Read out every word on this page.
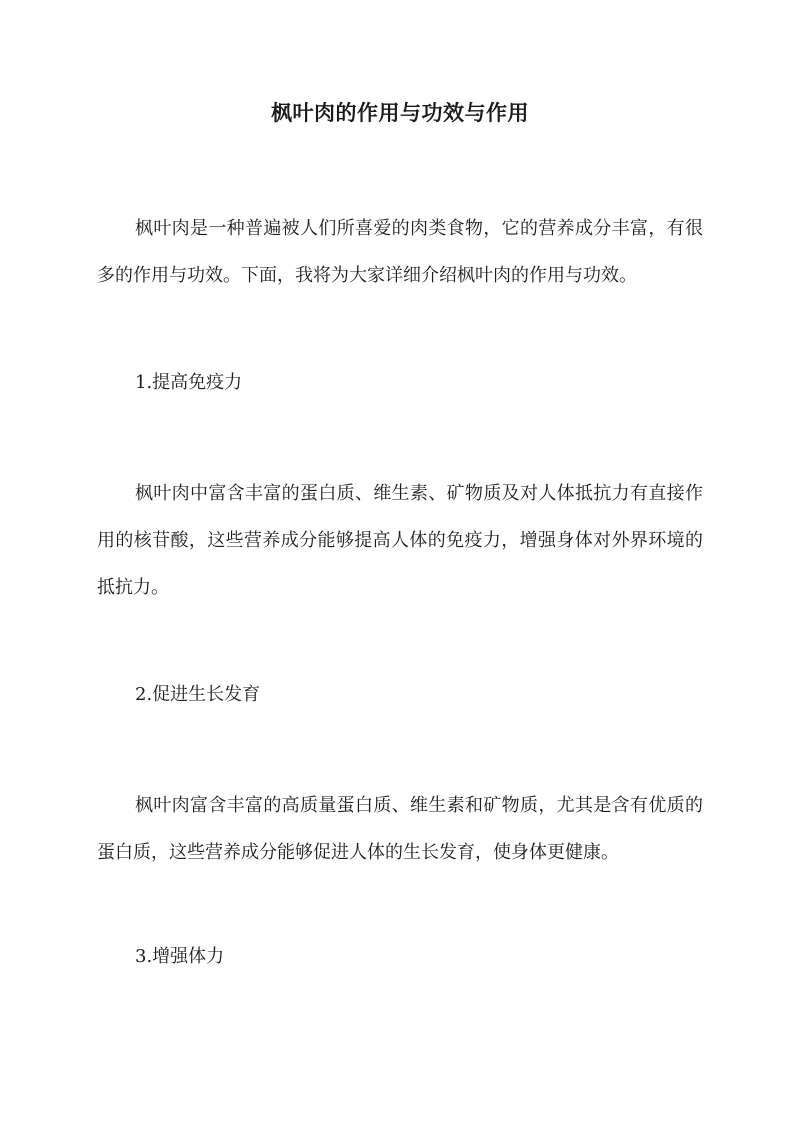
枫叶肉的作用与功效与作用

枫叶肉是一种普遍被人们所喜爱的肉类食物，它的营养成分丰富，有很多的作用与功效。下面，我将为大家详细介绍枫叶肉的作用与功效。

1.提高免疫力

枫叶肉中富含丰富的蛋白质、维生素、矿物质及对人体抵抗力有直接作用的核苷酸，这些营养成分能够提高人体的免疫力，增强身体对外界环境的抵抗力。

2.促进生长发育

枫叶肉富含丰富的高质量蛋白质、维生素和矿物质，尤其是含有优质的蛋白质，这些营养成分能够促进人体的生长发育，使身体更健康。

3.增强体力
